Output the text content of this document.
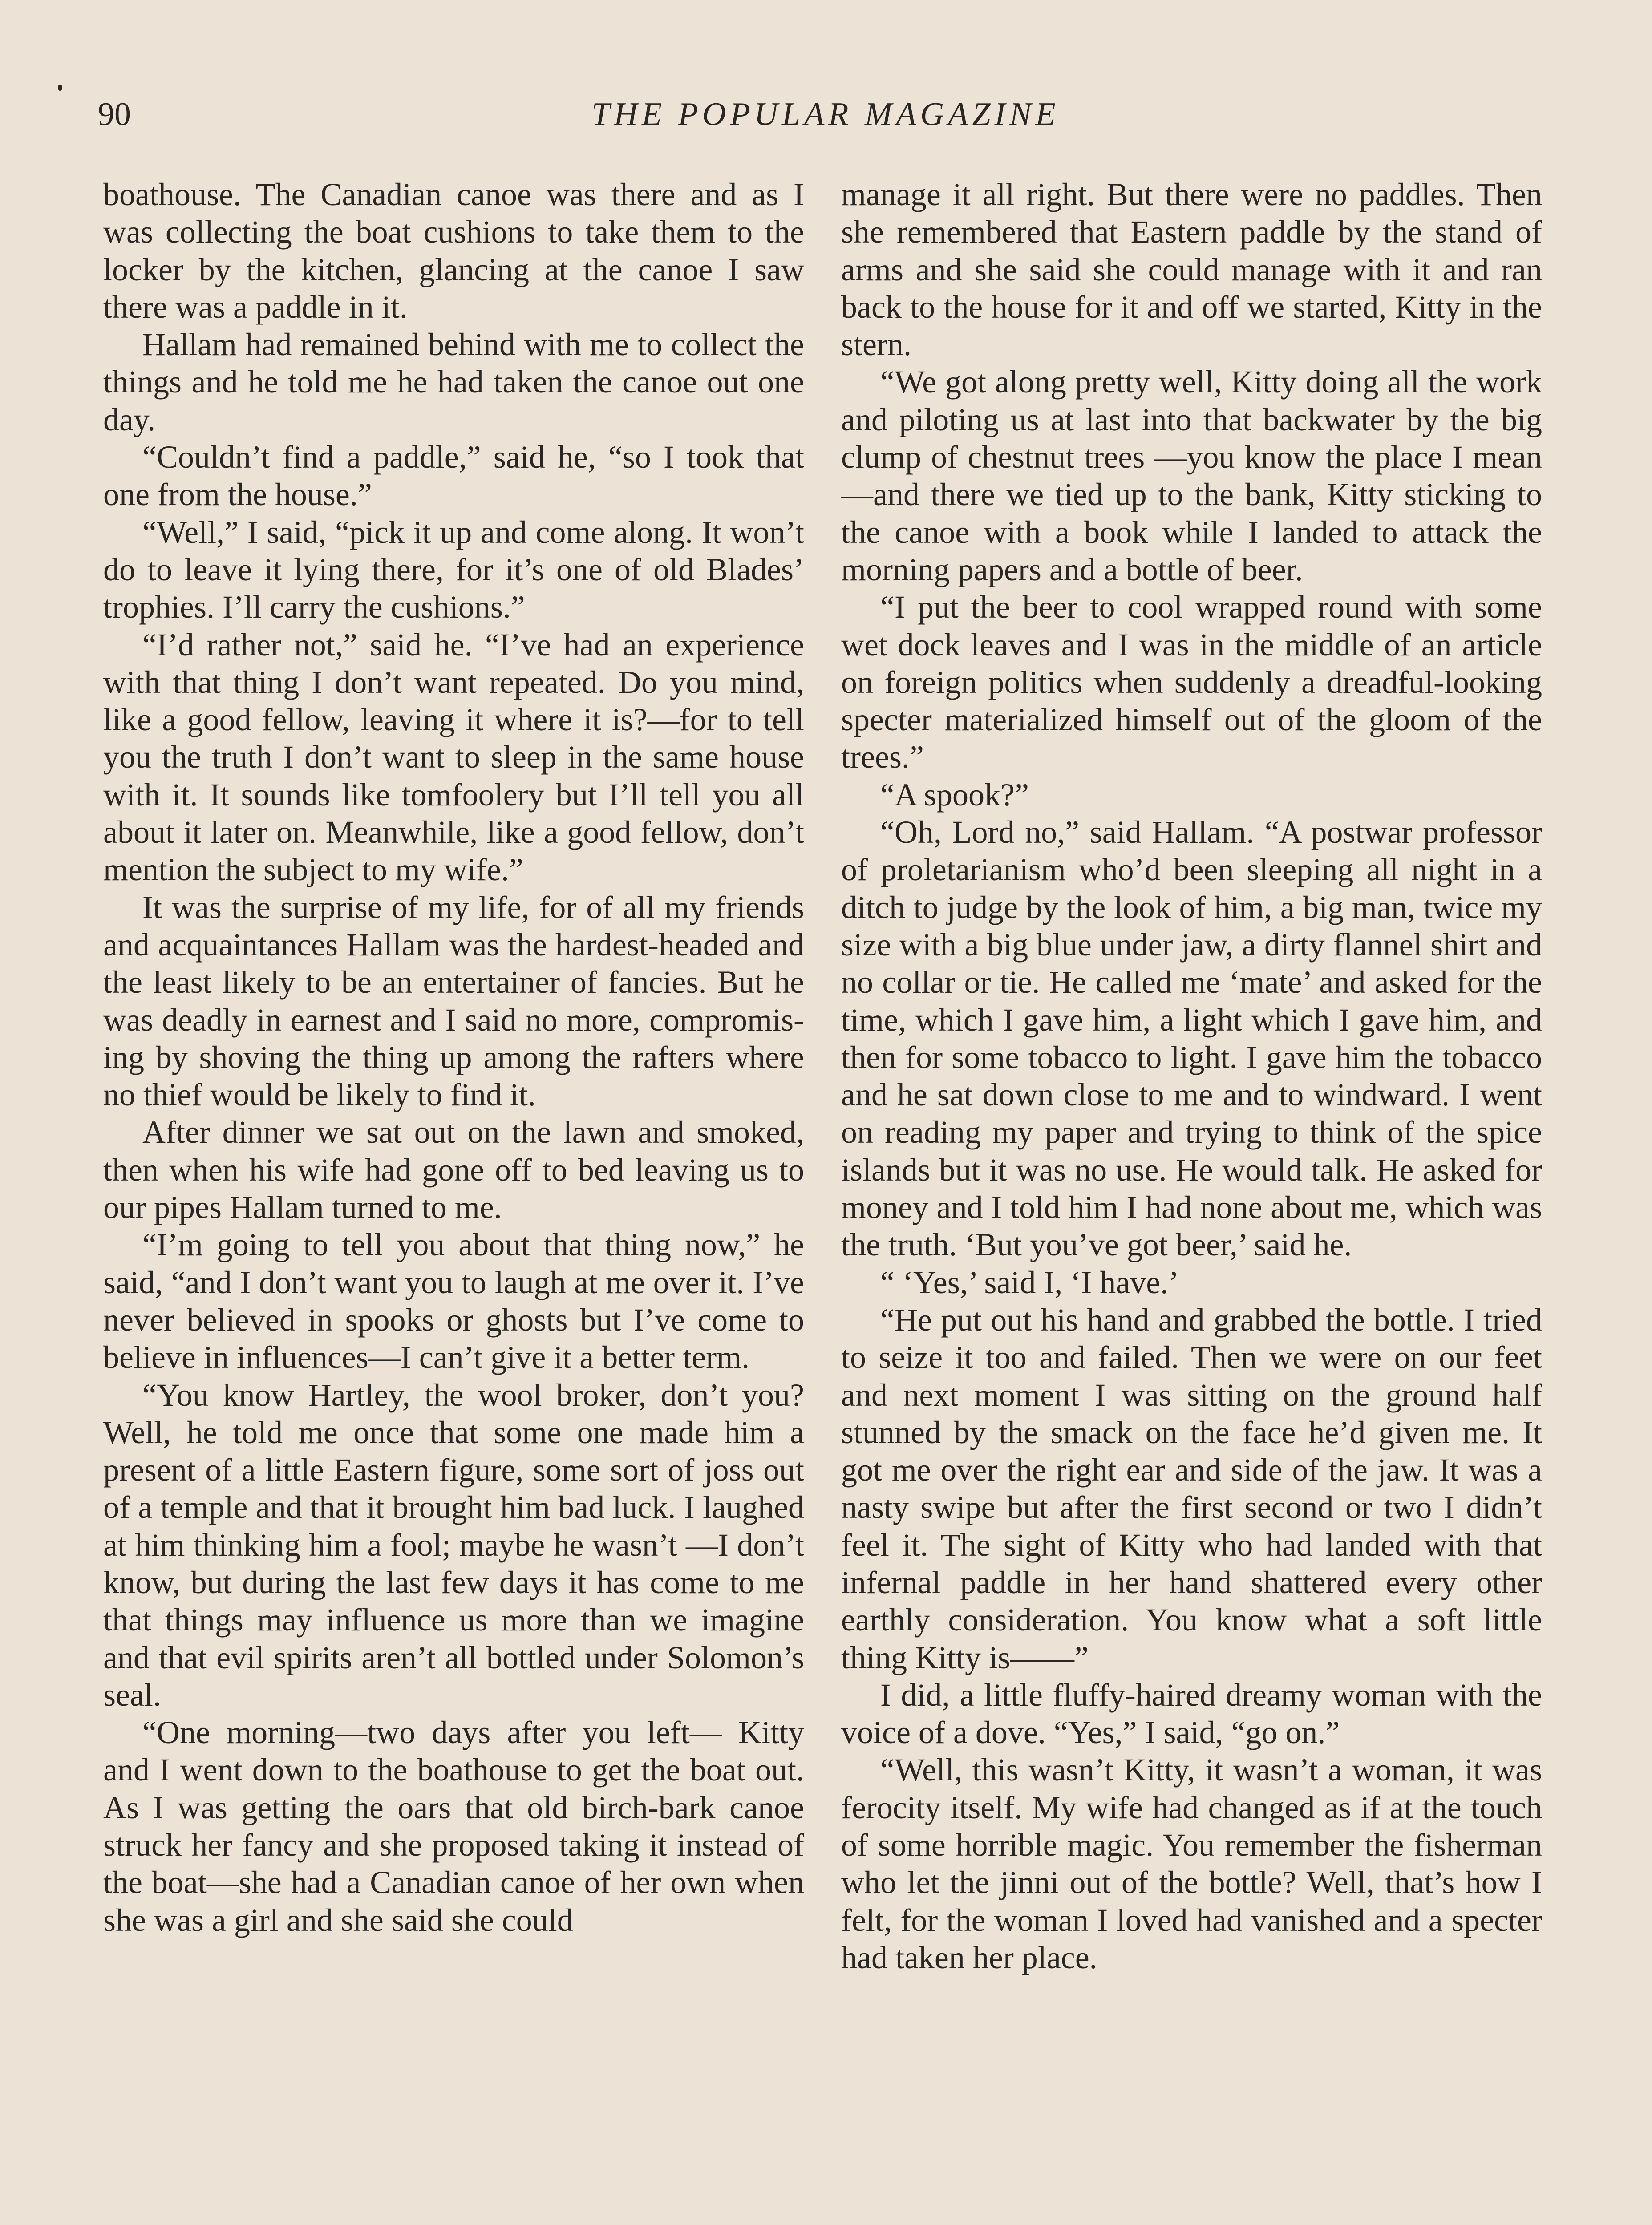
90	THE POPULAR MAGAZINE

boathouse. The Canadian canoe was there and as I was collecting the boat cushions to take them to the locker by the kitchen, glancing at the canoe I saw there was a paddle in it.

Hallam had remained behind with me to collect the things and he told me he had taken the canoe out one day.

“Couldn’t find a paddle,” said he, “so I took that one from the house.”

“Well,” I said, “pick it up and come along. It won’t do to leave it lying there, for it’s one of old Blades’ trophies. I’ll carry the cushions.”

“I’d rather not,” said he. “I’ve had an experience with that thing I don’t want repeated. Do you mind, like a good fellow, leaving it where it is?—for to tell you the truth I don’t want to sleep in the same house with it. It sounds like tomfoolery but I’ll tell you all about it later on. Meanwhile, like a good fellow, don’t mention the subject to my wife.”

It was the surprise of my life, for of all my friends and acquaintances Hallam was the hardest-headed and the least likely to be an entertainer of fancies. But he was deadly in earnest and I said no more, compromising by shoving the thing up among the rafters where no thief would be likely to find it.

After dinner we sat out on the lawn and smoked, then when his wife had gone off to bed leaving us to our pipes Hallam turned to me.

“I’m going to tell you about that thing now,” he said, “and I don’t want you to laugh at me over it. I’ve never believed in spooks or ghosts but I’ve come to believe in influences—I can’t give it a better term.

“You know Hartley, the wool broker, don’t you? Well, he told me once that some one made him a present of a little Eastern figure, some sort of joss out of a temple and that it brought him bad luck. I laughed at him thinking him a fool; maybe he wasn’t —I don’t know, but during the last few days it has come to me that things may influence us more than we imagine and that evil spirits aren’t all bottled under Solomon’s seal.

“One morning—two days after you left— Kitty and I went down to the boathouse to get the boat out. As I was getting the oars that old birch-bark canoe struck her fancy and she proposed taking it instead of the boat—she had a Canadian canoe of her own when she was a girl and she said she could

manage it all right. But there were no paddles. Then she remembered that Eastern paddle by the stand of arms and she said she could manage with it and ran back to the house for it and off we started, Kitty in the stern.

“We got along pretty well, Kitty doing all the work and piloting us at last into that backwater by the big clump of chestnut trees —you know the place I mean—and there we tied up to the bank, Kitty sticking to the canoe with a book while I landed to attack the morning papers and a bottle of beer.

“I put the beer to cool wrapped round with some wet dock leaves and I was in the middle of an article on foreign politics when suddenly a dreadful-looking specter materialized himself out of the gloom of the trees.”

“A spook?”

“Oh, Lord no,” said Hallam. “A postwar professor of proletarianism who’d been sleeping all night in a ditch to judge by the look of him, a big man, twice my size with a big blue under jaw, a dirty flannel shirt and no collar or tie. He called me ‘mate’ and asked for the time, which I gave him, a light which I gave him, and then for some tobacco to light. I gave him the tobacco and he sat down close to me and to windward. I went on reading my paper and trying to think of the spice islands but it was no use. He would talk. He asked for money and I told him I had none about me, which was the truth. ‘But you’ve got beer,’ said he.

“ ‘Yes,’ said I, ‘I have.’

“He put out his hand and grabbed the bottle. I tried to seize it too and failed. Then we were on our feet and next moment I was sitting on the ground half stunned by the smack on the face he’d given me. It got me over the right ear and side of the jaw. It was a nasty swipe but after the first second or two I didn’t feel it. The sight of Kitty who had landed with that infernal paddle in her hand shattered every other earthly consideration. You know what a soft little thing Kitty is——”

I did, a little fluffy-haired dreamy woman with the voice of a dove. “Yes,” I said, “go on.”

“Well, this wasn’t Kitty, it wasn’t a woman, it was ferocity itself. My wife had changed as if at the touch of some horrible magic. You remember the fisherman who let the jinni out of the bottle? Well, that’s how I felt, for the woman I loved had vanished and a specter had taken her place.
